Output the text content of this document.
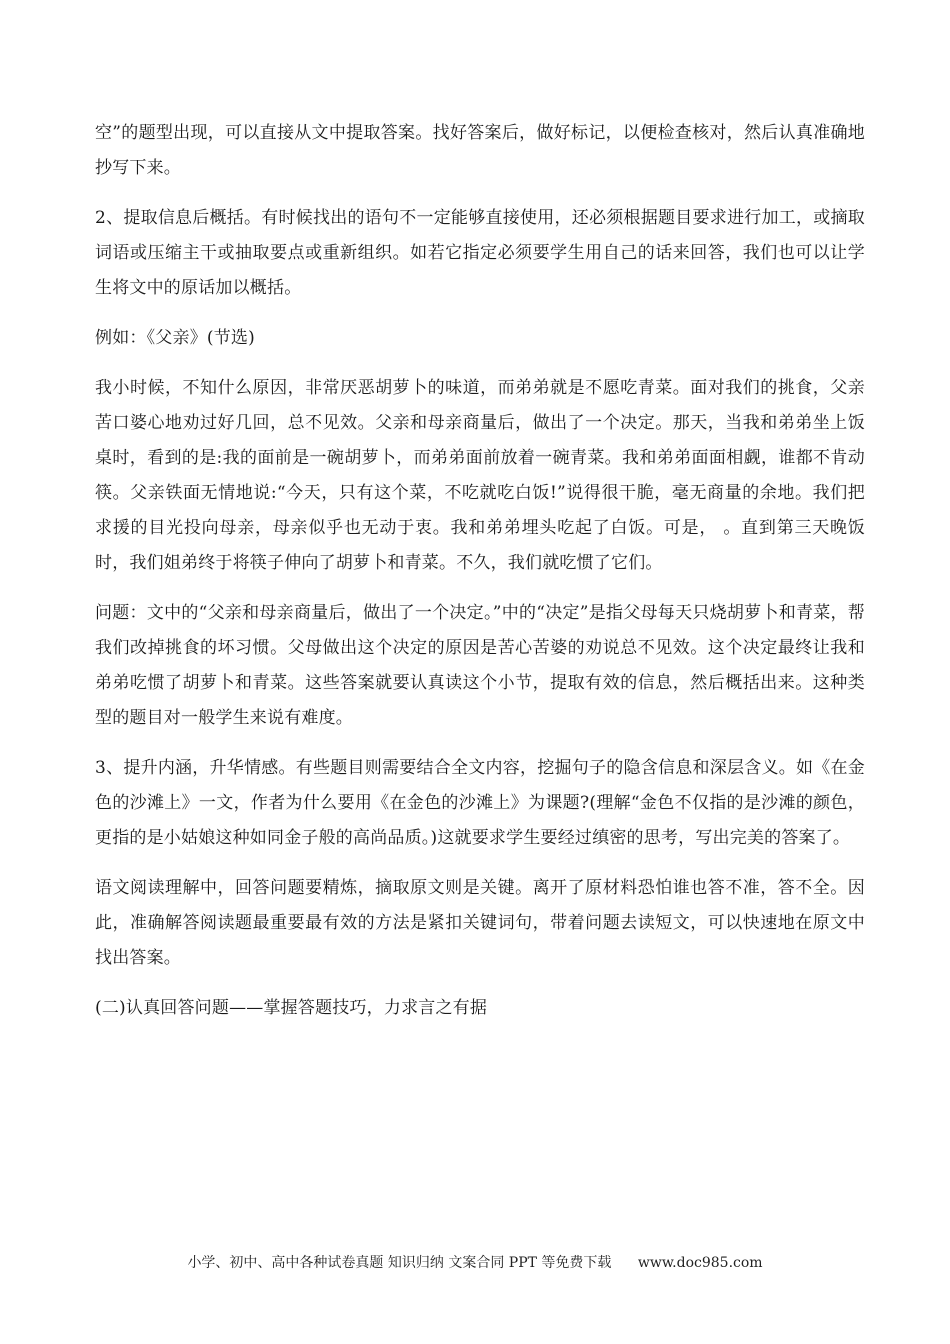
空”的题型出现，可以直接从文中提取答案。找好答案后，做好标记，以便检查核对，然后认真准确地抄写下来。

2、提取信息后概括。有时候找出的语句不一定能够直接使用，还必须根据题目要求进行加工，或摘取词语或压缩主干或抽取要点或重新组织。如若它指定必须要学生用自己的话来回答，我们也可以让学生将文中的原话加以概括。

例如：《父亲》(节选)

我小时候，不知什么原因，非常厌恶胡萝卜的味道，而弟弟就是不愿吃青菜。面对我们的挑食，父亲苦口婆心地劝过好几回，总不见效。父亲和母亲商量后，做出了一个决定。那天，当我和弟弟坐上饭桌时，看到的是:我的面前是一碗胡萝卜，而弟弟面前放着一碗青菜。我和弟弟面面相觑，谁都不肯动筷。父亲铁面无情地说:“今天，只有这个菜，不吃就吃白饭!”说得很干脆，毫无商量的余地。我们把求援的目光投向母亲，母亲似乎也无动于衷。我和弟弟埋头吃起了白饭。可是， 。直到第三天晚饭时，我们姐弟终于将筷子伸向了胡萝卜和青菜。不久，我们就吃惯了它们。

问题：文中的“父亲和母亲商量后，做出了一个决定。”中的“决定”是指父母每天只烧胡萝卜和青菜，帮我们改掉挑食的坏习惯。父母做出这个决定的原因是苦心苦婆的劝说总不见效。这个决定最终让我和弟弟吃惯了胡萝卜和青菜。这些答案就要认真读这个小节，提取有效的信息，然后概括出来。这种类型的题目对一般学生来说有难度。

3、提升内涵，升华情感。有些题目则需要结合全文内容，挖掘句子的隐含信息和深层含义。如《在金色的沙滩上》一文，作者为什么要用《在金色的沙滩上》为课题?(理解“金色不仅指的是沙滩的颜色，更指的是小姑娘这种如同金子般的高尚品质。)这就要求学生要经过缜密的思考，写出完美的答案了。

语文阅读理解中，回答问题要精炼，摘取原文则是关键。离开了原材料恐怕谁也答不准，答不全。因此，准确解答阅读题最重要最有效的方法是紧扣关键词句，带着问题去读短文，可以快速地在原文中找出答案。

(二)认真回答问题——掌握答题技巧，力求言之有据

小学、初中、高中各种试卷真题 知识归纳 文案合同 PPT 等免费下载 www.doc985.com
